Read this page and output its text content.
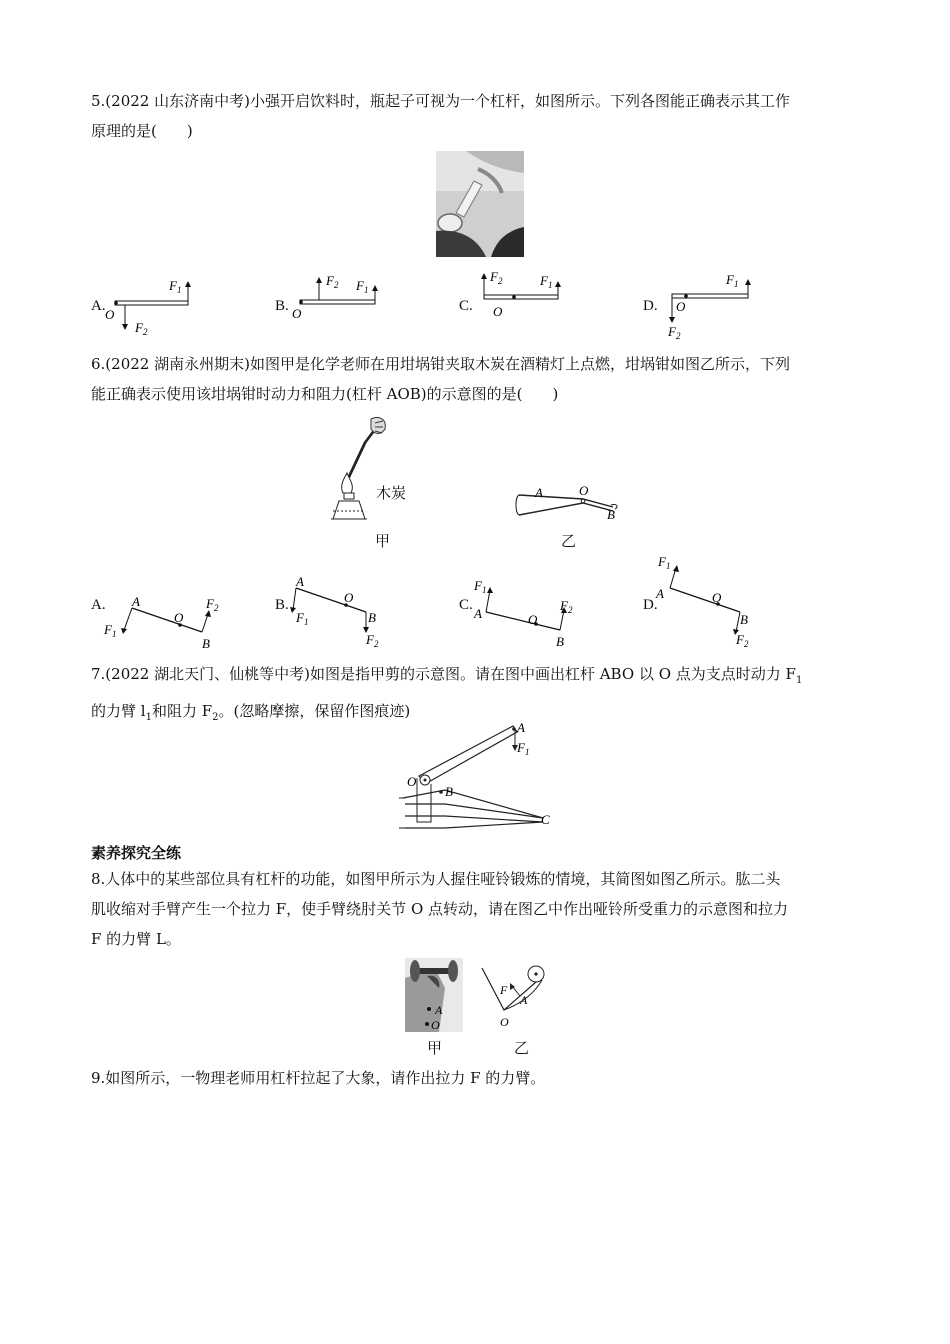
5.(2022 山东济南中考)小强开启饮料时，瓶起子可视为一个杠杆，如图所示。下列各图能正确表示其工作
原理的是(　　)
A.
$F_1$
$F_2$
O
B.
$F_2$ $F_1$
O	C.
$F_2$	$F_1$
O	D.
$F_1$
O
$F_2$
6.(2022 湖南永州期末)如图甲是化学老师在用坩埚钳夹取木炭在酒精灯上点燃，坩埚钳如图乙所示，下列
能正确表示使用该坩埚钳时动力和阻力(杠杆 AOB)的示意图的是(　　)
木炭
甲
A	O
B
乙
A. A
O
B
$F_1$
$F_2$	B.
A
O
B
$F_1$
$F_2$
C.
A	O
B
$F_1$
$F_2$	D.
A	O
B
$F_1$
$F_2$
7.(2022 湖北天门、仙桃等中考)如图是指甲剪的示意图。请在图中画出杠杆 ABO 以 O 点为支点时动力 $F_1$
的力臂 $l_1$和阻力 $F_2$。(忽略摩擦，保留作图痕迹)
A
$F_1$
O
B
C
素养探究全练
8.人体中的某些部位具有杠杆的功能，如图甲所示为人握住哑铃锻炼的情境，其简图如图乙所示。肱二头
肌收缩对手臂产生一个拉力 F，使手臂绕肘关节 O 点转动，请在图乙中作出哑铃所受重力的示意图和拉力
F 的力臂 L。
A
O
甲
F
A
O
乙
9.如图所示，一物理老师用杠杆拉起了大象，请作出拉力 F 的力臂。
